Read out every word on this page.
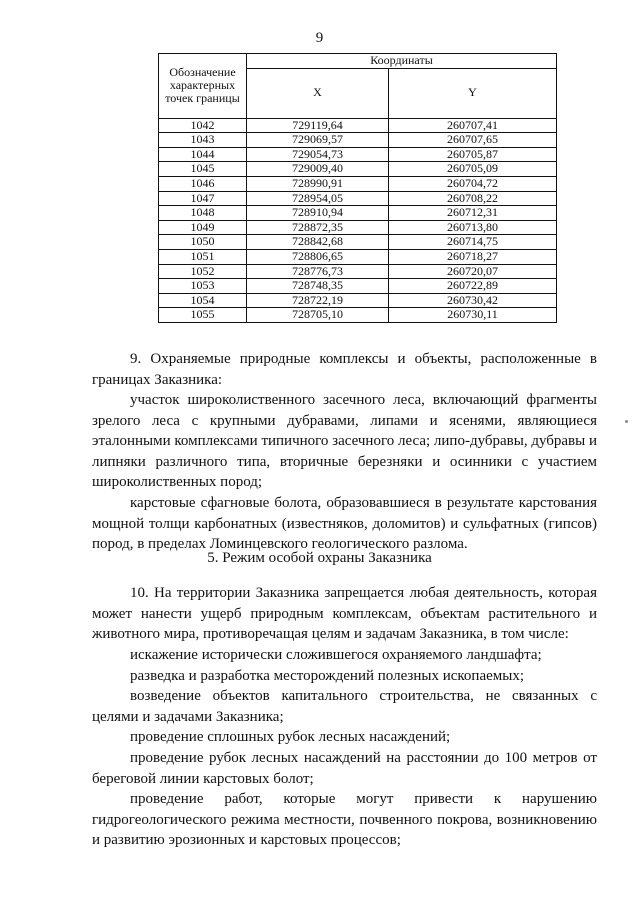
9
Обозначение характерных точек границы	Координаты	
	X	Y
1042	729119,64	260707,41
1043	729069,57	260707,65
1044	729054,73	260705,87
1045	729009,40	260705,09
1046	728990,91	260704,72
1047	728954,05	260708,22
1048	728910,94	260712,31
1049	728872,35	260713,80
1050	728842,68	260714,75
1051	728806,65	260718,27
1052	728776,73	260720,07
1053	728748,35	260722,89
1054	728722,19	260730,42
1055	728705,10	260730,11

9. Охраняемые природные комплексы и объекты, расположенные в границах Заказника:

участок широколиственного засечного леса, включающий фрагменты зрелого леса с крупными дубравами, липами и ясенями, являющиеся эталонными комплексами типичного засечного леса; липо-дубравы, дубравы и липняки различного типа, вторичные березняки и осинники с участием широколиственных пород;

карстовые сфагновые болота, образовавшиеся в результате карстования мощной толщи карбонатных (известняков, доломитов) и сульфатных (гипсов) пород, в пределах Ломинцевского геологического разлома.

5. Режим особой охраны Заказника

10. На территории Заказника запрещается любая деятельность, которая может нанести ущерб природным комплексам, объектам растительного и животного мира, противоречащая целям и задачам Заказника, в том числе:

искажение исторически сложившегося охраняемого ландшафта;

разведка и разработка месторождений полезных ископаемых;

возведение объектов капитального строительства, не связанных с целями и задачами Заказника;

проведение сплошных рубок лесных насаждений;

проведение рубок лесных насаждений на расстоянии до 100 метров от береговой линии карстовых болот;

проведение работ, которые могут привести к нарушению гидрогеологического режима местности, почвенного покрова, возникновению и развитию эрозионных и карстовых процессов;
